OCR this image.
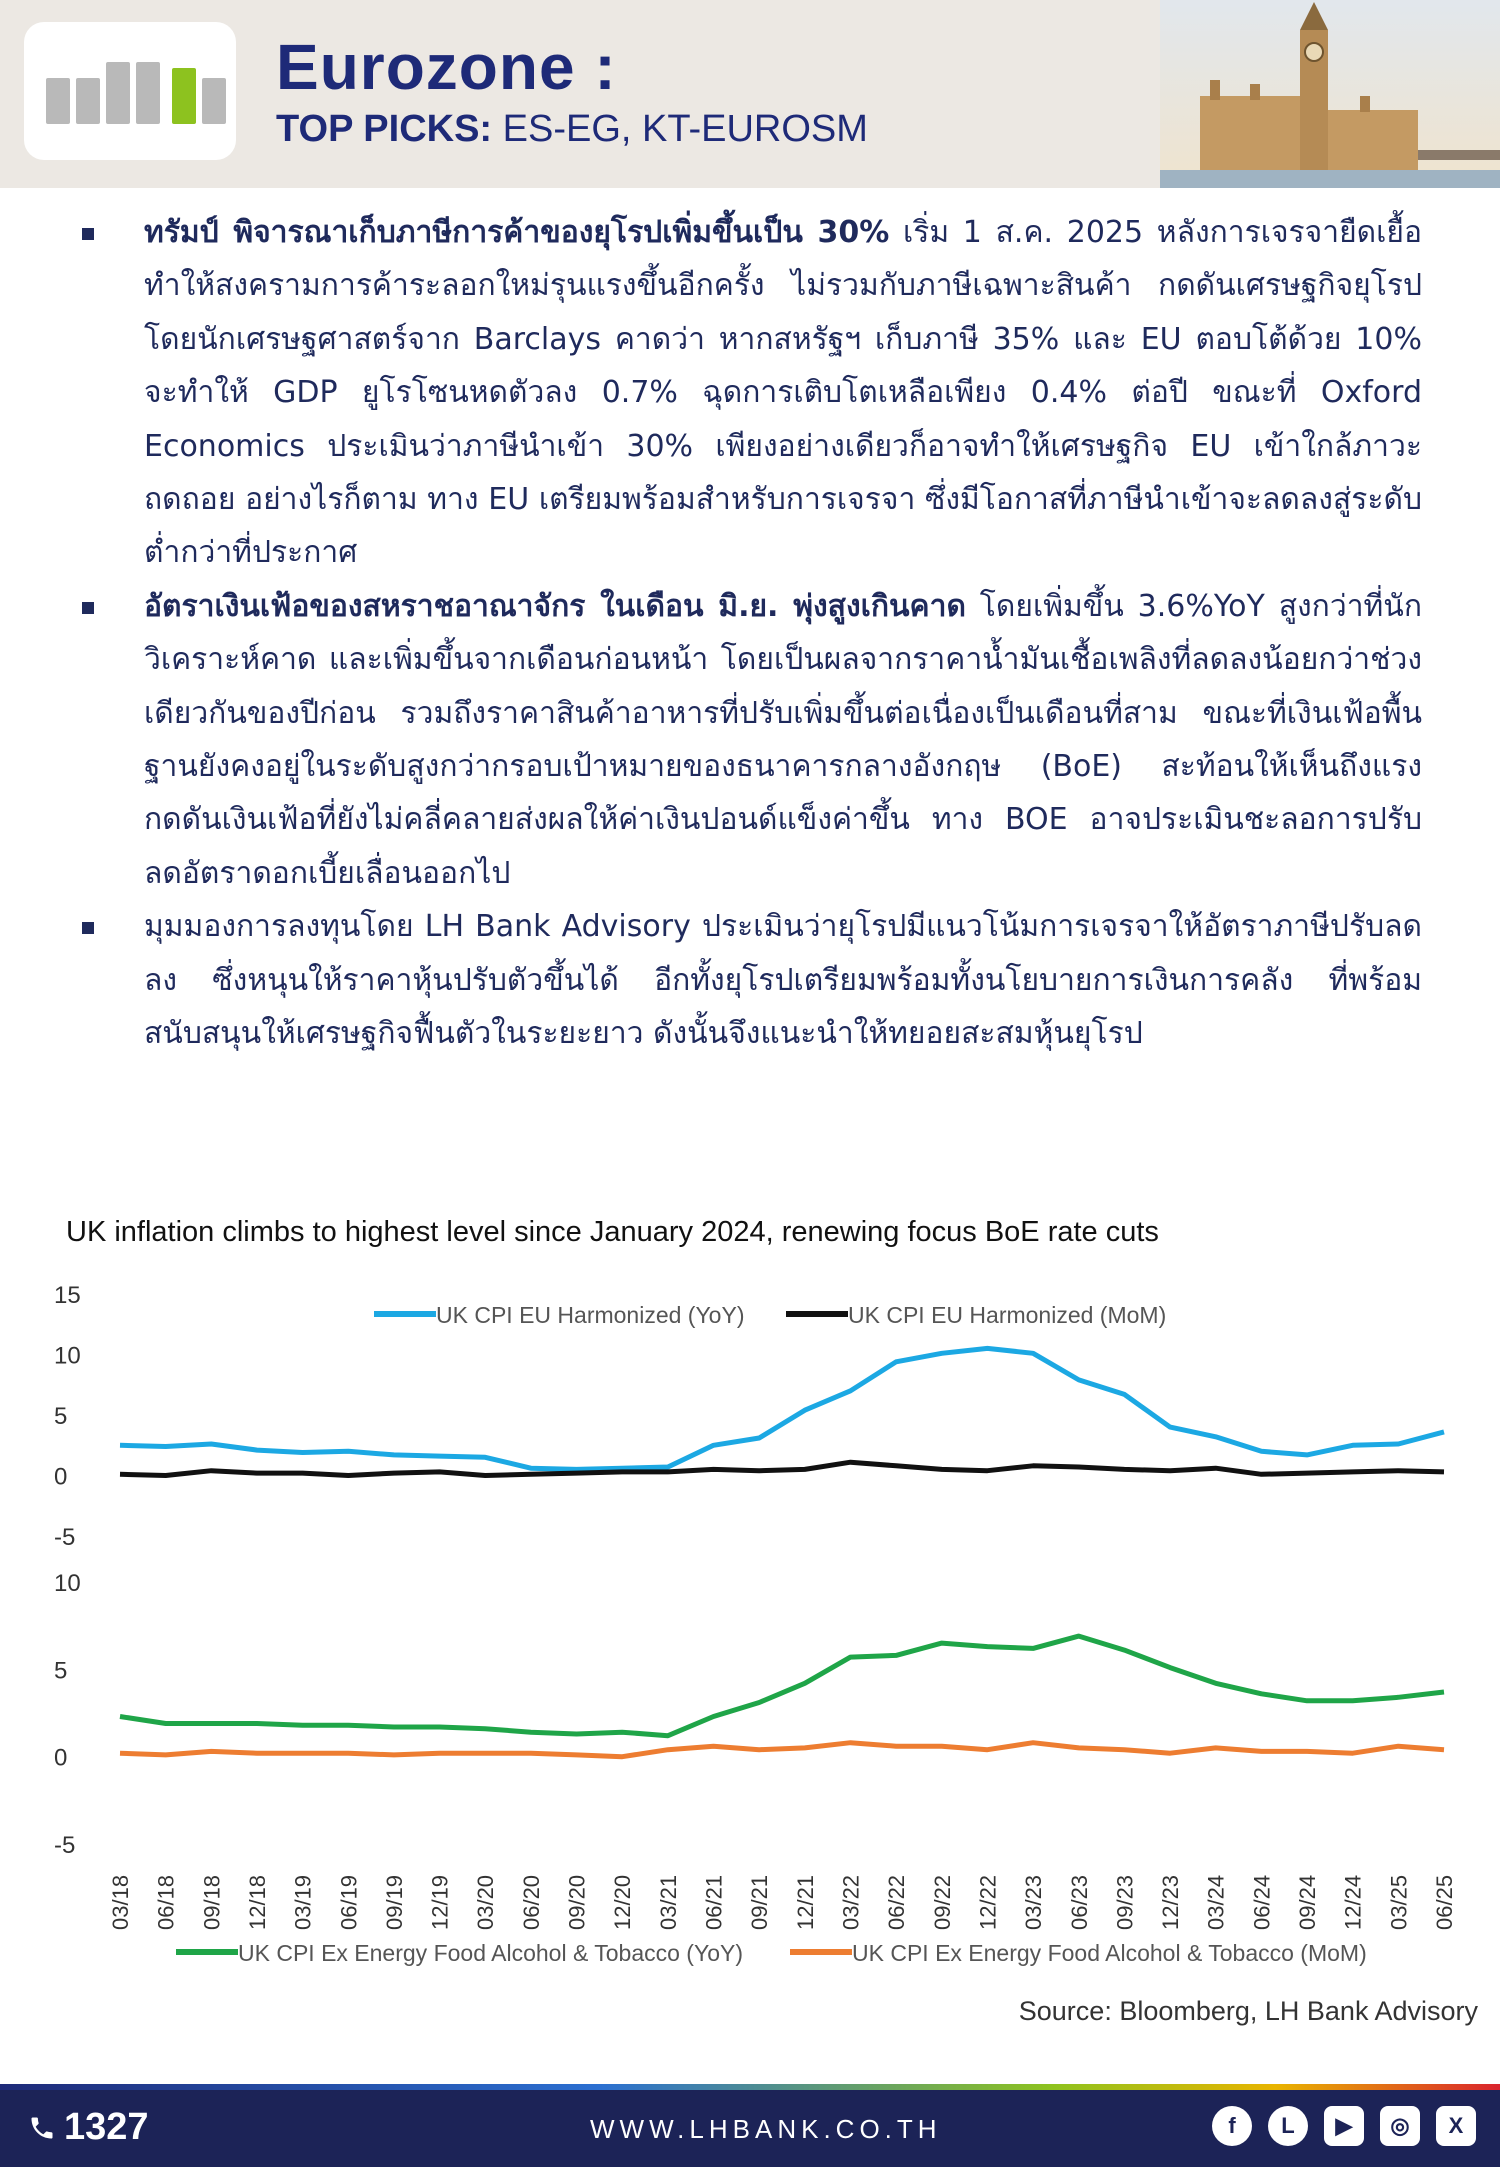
Eurozone :
TOP PICKS: ES-EG, KT-EUROSM
ทรัมป์ พิจารณาเก็บภาษีการค้าของยุโรปเพิ่มขึ้นเป็น 30% เริ่ม 1 ส.ค. 2025 หลังการเจรจายืดเยื้อ ทำให้สงครามการค้าระลอกใหม่รุนแรงขึ้นอีกครั้ง ไม่รวมกับภาษีเฉพาะสินค้า กดดันเศรษฐกิจยุโรป โดยนักเศรษฐศาสตร์จาก Barclays คาดว่า หากสหรัฐฯ เก็บภาษี 35% และ EU ตอบโต้ด้วย 10% จะทำให้ GDP ยูโรโซนหดตัวลง 0.7% ฉุดการเติบโตเหลือเพียง 0.4% ต่อปี ขณะที่ Oxford Economics ประเมินว่าภาษีนำเข้า 30% เพียงอย่างเดียวก็อาจทำให้เศรษฐกิจ EU เข้าใกล้ภาวะถดถอย อย่างไรก็ตาม ทาง EU เตรียมพร้อมสำหรับการเจรจา ซึ่งมีโอกาสที่ภาษีนำเข้าจะลดลงสู่ระดับต่ำกว่าที่ประกาศ
อัตราเงินเฟ้อของสหราชอาณาจักร ในเดือน มิ.ย. พุ่งสูงเกินคาด โดยเพิ่มขึ้น 3.6%YoY สูงกว่าที่นักวิเคราะห์คาด และเพิ่มขึ้นจากเดือนก่อนหน้า โดยเป็นผลจากราคาน้ำมันเชื้อเพลิงที่ลดลงน้อยกว่าช่วงเดียวกันของปีก่อน รวมถึงราคาสินค้าอาหารที่ปรับเพิ่มขึ้นต่อเนื่องเป็นเดือนที่สาม ขณะที่เงินเฟ้อพื้นฐานยังคงอยู่ในระดับสูงกว่ากรอบเป้าหมายของธนาคารกลางอังกฤษ (BoE) สะท้อนให้เห็นถึงแรงกดดันเงินเฟ้อที่ยังไม่คลี่คลายส่งผลให้ค่าเงินปอนด์แข็งค่าขึ้น ทาง BOE อาจประเมินชะลอการปรับลดอัตราดอกเบี้ยเลื่อนออกไป
มุมมองการลงทุนโดย LH Bank Advisory ประเมินว่ายุโรปมีแนวโน้มการเจรจาให้อัตราภาษีปรับลดลง ซึ่งหนุนให้ราคาหุ้นปรับตัวขึ้นได้ อีกทั้งยุโรปเตรียมพร้อมทั้งนโยบายการเงินการคลัง ที่พร้อมสนับสนุนให้เศรษฐกิจฟื้นตัวในระยะยาว ดังนั้นจึงแนะนำให้ทยอยสะสมหุ้นยุโรป
UK inflation climbs to highest level since January 2024, renewing focus BoE rate cuts
15
10
5
0
-5
10
5
0
-5
UK CPI EU Harmonized (YoY)	UK CPI EU Harmonized (MoM)
03/18 06/18 09/18 12/18 03/19 06/19 09/19 12/19 03/20 06/20 09/20 12/20 03/21 06/21 09/21 12/21 03/22 06/22 09/22 12/22 03/23 06/23 09/23 12/23 03/24 06/24 09/24 12/24 03/25 06/25
UK CPI Ex Energy Food Alcohol & Tobacco (YoY)	UK CPI Ex Energy Food Alcohol & Tobacco (MoM)
Source: Bloomberg, LH Bank Advisory
1327	WWW.LHBANK.CO.TH	f	L	▶	◎	X
